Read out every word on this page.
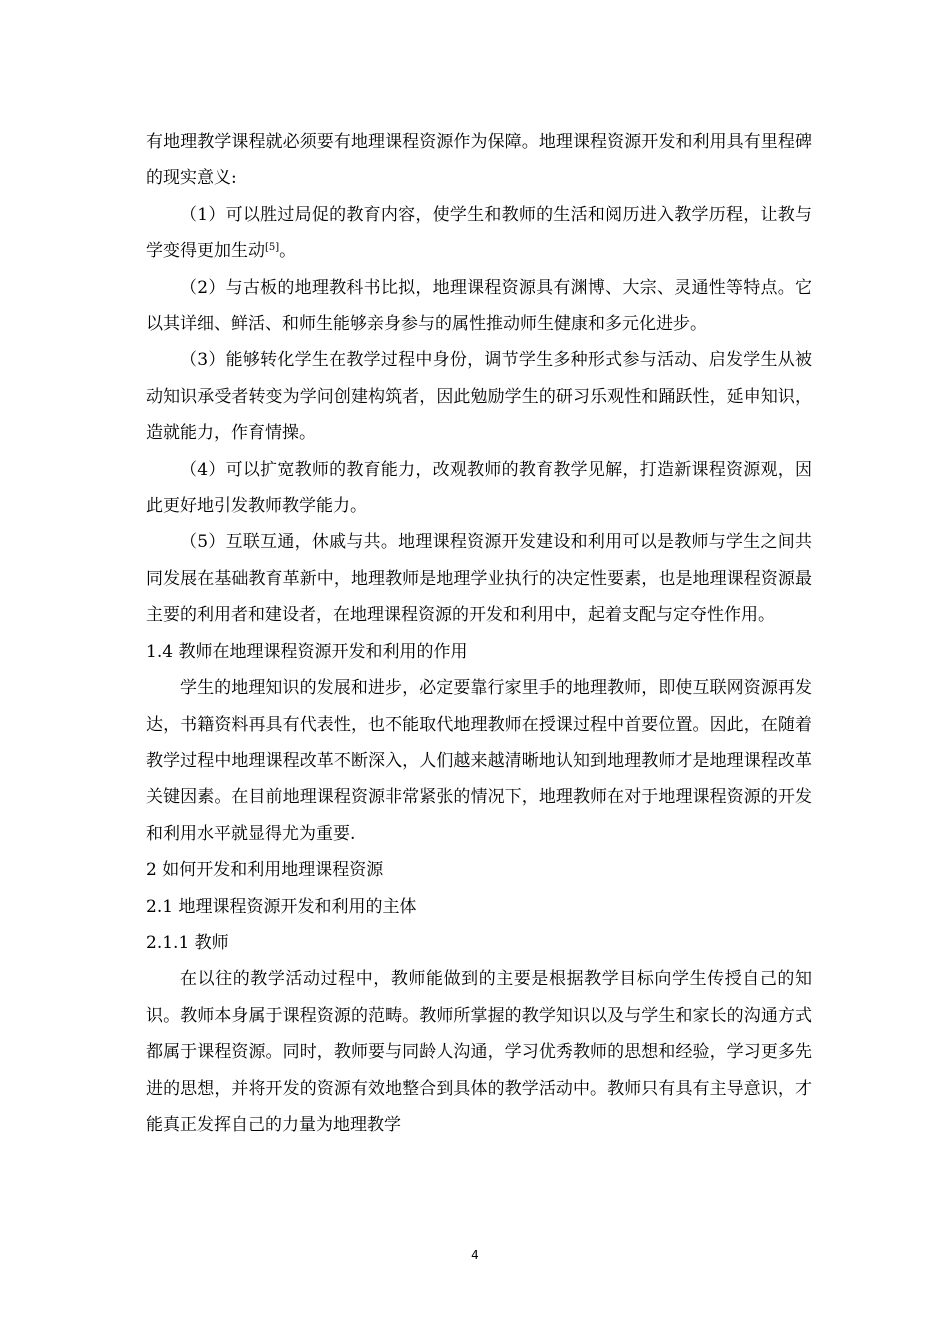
有地理教学课程就必须要有地理课程资源作为保障。地理课程资源开发和利用具有里程碑的现实意义:

（1）可以胜过局促的教育内容，使学生和教师的生活和阅历进入教学历程，让教与学变得更加生动[5]。

（2）与古板的地理教科书比拟，地理课程资源具有渊博、大宗、灵通性等特点。它以其详细、鲜活、和师生能够亲身参与的属性推动师生健康和多元化进步。

（3）能够转化学生在教学过程中身份，调节学生多种形式参与活动、启发学生从被动知识承受者转变为学问创建构筑者，因此勉励学生的研习乐观性和踊跃性，延申知识，造就能力，作育情操。

（4）可以扩宽教师的教育能力，改观教师的教育教学见解，打造新课程资源观，因此更好地引发教师教学能力。

（5）互联互通，休戚与共。地理课程资源开发建设和利用可以是教师与学生之间共同发展在基础教育革新中，地理教师是地理学业执行的决定性要素，也是地理课程资源最主要的利用者和建设者，在地理课程资源的开发和利用中，起着支配与定夺性作用。

1.4 教师在地理课程资源开发和利用的作用

学生的地理知识的发展和进步，必定要靠行家里手的地理教师，即使互联网资源再发达，书籍资料再具有代表性，也不能取代地理教师在授课过程中首要位置。因此，在随着教学过程中地理课程改革不断深入，人们越来越清晰地认知到地理教师才是地理课程改革关键因素。在目前地理课程资源非常紧张的情况下，地理教师在对于地理课程资源的开发和利用水平就显得尤为重要.

2 如何开发和利用地理课程资源

2.1 地理课程资源开发和利用的主体

2.1.1 教师

在以往的教学活动过程中，教师能做到的主要是根据教学目标向学生传授自己的知识。教师本身属于课程资源的范畴。教师所掌握的教学知识以及与学生和家长的沟通方式都属于课程资源。同时，教师要与同龄人沟通，学习优秀教师的思想和经验，学习更多先进的思想，并将开发的资源有效地整合到具体的教学活动中。教师只有具有主导意识，才能真正发挥自己的力量为地理教学

4
